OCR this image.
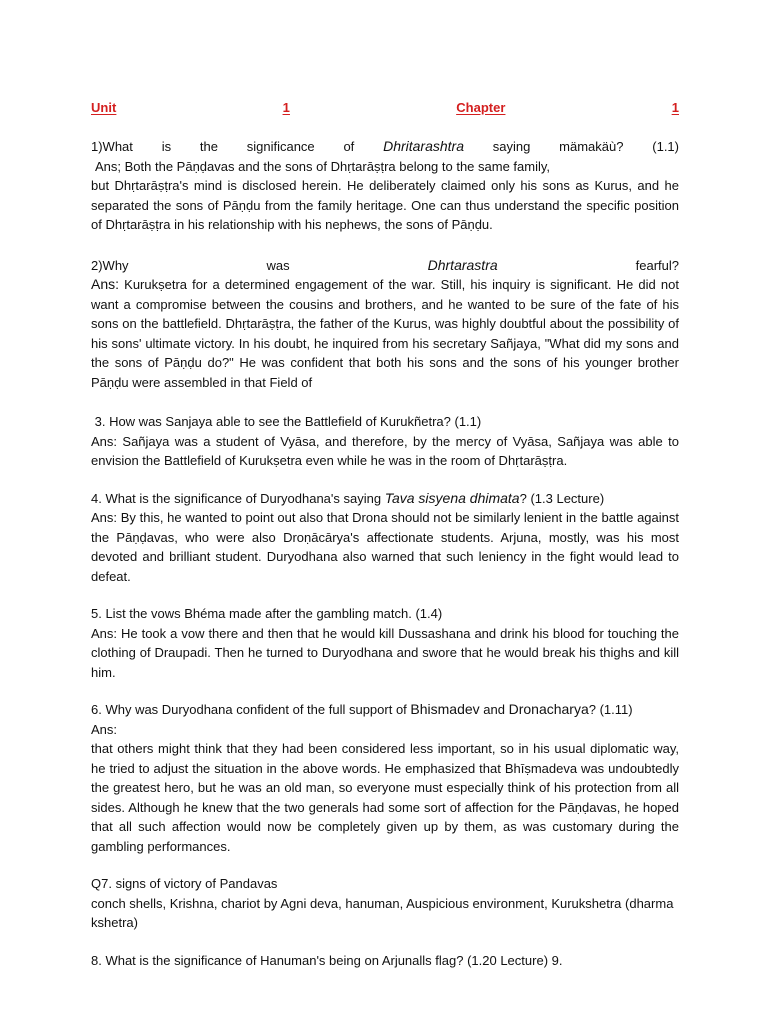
Unit	1	Chapter	1

1)What is the significance of Dhritarashtra saying mämakäù? (1.1)

Ans; Both the Pāṇḍavas and the sons of Dhṛtarāṣṭra belong to the same family,

but Dhṛtarāṣṭra's mind is disclosed herein. He deliberately claimed only his sons as Kurus, and he separated the sons of Pāṇḍu from the family heritage. One can thus understand the specific position of Dhṛtarāṣṭra in his relationship with his nephews, the sons of Pāṇḍu.

2)Why	was	Dhrtarastra	fearful?

Ans: Kurukṣetra for a determined engagement of the war. Still, his inquiry is significant. He did not want a compromise between the cousins and brothers, and he wanted to be sure of the fate of his sons on the battlefield. Dhṛtarāṣṭra, the father of the Kurus, was highly doubtful about the possibility of his sons' ultimate victory. In his doubt, he inquired from his secretary Sañjaya, "What did my sons and the sons of Pāṇḍu do?" He was confident that both his sons and the sons of his younger brother Pāṇḍu were assembled in that Field of

3. How was Sanjaya able to see the Battlefield of Kurukñetra? (1.1)

Ans: Sañjaya was a student of Vyāsa, and therefore, by the mercy of Vyāsa, Sañjaya was able to envision the Battlefield of Kurukṣetra even while he was in the room of Dhṛtarāṣṭra.

4. What is the significance of Duryodhana's saying Tava sisyena dhimata? (1.3 Lecture)

Ans: By this, he wanted to point out also that Drona should not be similarly lenient in the battle against the Pāṇḍavas, who were also Droṇācārya's affectionate students. Arjuna, mostly, was his most devoted and brilliant student. Duryodhana also warned that such leniency in the fight would lead to defeat.

5. List the vows Bhéma made after the gambling match. (1.4)

Ans: He took a vow there and then that he would kill Dussashana and drink his blood for touching the clothing of Draupadi. Then he turned to Duryodhana and swore that he would break his thighs and kill him.

6. Why was Duryodhana confident of the full support of Bhismadev and Dronacharya? (1.11)

Ans:

that others might think that they had been considered less important, so in his usual diplomatic way, he tried to adjust the situation in the above words. He emphasized that Bhīṣmadeva was undoubtedly the greatest hero, but he was an old man, so everyone must especially think of his protection from all sides. Although he knew that the two generals had some sort of affection for the Pāṇḍavas, he hoped that all such affection would now be completely given up by them, as was customary during the gambling performances.

Q7. signs of victory of Pandavas

conch shells, Krishna, chariot by Agni deva, hanuman, Auspicious environment, Kurukshetra (dharma kshetra)

8. What is the significance of Hanuman's being on Arjunalls flag? (1.20 Lecture) 9.
